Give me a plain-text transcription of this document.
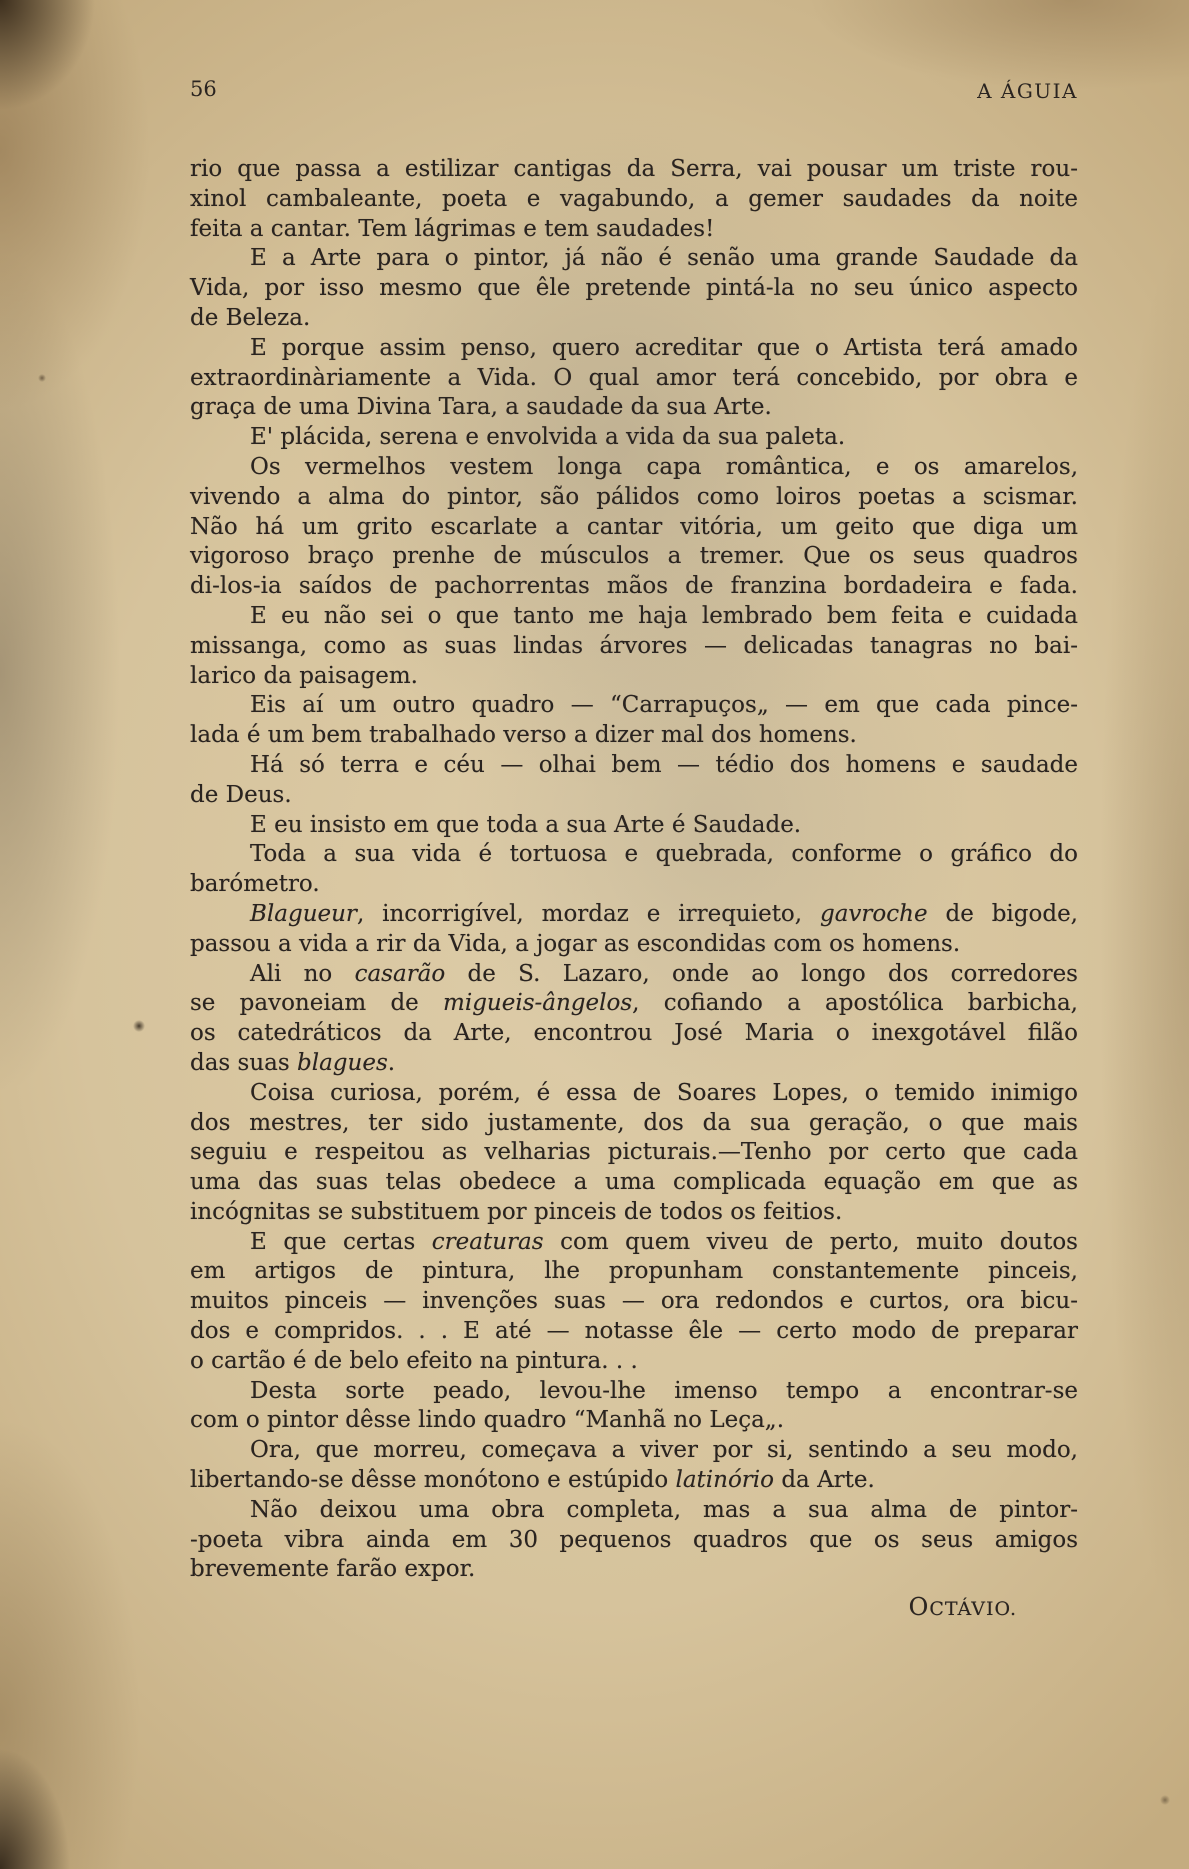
56	A ÁGUIA
rio que passa a estilizar cantigas da Serra, vai pousar um triste rou-
xinol cambaleante, poeta e vagabundo, a gemer saudades da noite
feita a cantar. Tem lágrimas e tem saudades!
E a Arte para o pintor, já não é senão uma grande Saudade da
Vida, por isso mesmo que êle pretende pintá-la no seu único aspecto
de Beleza.
E porque assim penso, quero acreditar que o Artista terá amado
extraordinàriamente a Vida. O qual amor terá concebido, por obra e
graça de uma Divina Tara, a saudade da sua Arte.
E' plácida, serena e envolvida a vida da sua paleta.
Os vermelhos vestem longa capa romântica, e os amarelos,
vivendo a alma do pintor, são pálidos como loiros poetas a scismar.
Não há um grito escarlate a cantar vitória, um geito que diga um
vigoroso braço prenhe de músculos a tremer. Que os seus quadros
di-los-ia saídos de pachorrentas mãos de franzina bordadeira e fada.
E eu não sei o que tanto me haja lembrado bem feita e cuidada
missanga, como as suas lindas árvores — delicadas tanagras no bai-
larico da paisagem.
Eis aí um outro quadro — “Carrapuços„ — em que cada pince-
lada é um bem trabalhado verso a dizer mal dos homens.
Há só terra e céu — olhai bem — tédio dos homens e saudade
de Deus.
E eu insisto em que toda a sua Arte é Saudade.
Toda a sua vida é tortuosa e quebrada, conforme o gráfico do
barómetro.
Blagueur, incorrigível, mordaz e irrequieto, gavroche de bigode,
passou a vida a rir da Vida, a jogar as escondidas com os homens.
Ali no casarão de S. Lazaro, onde ao longo dos corredores
se pavoneiam de migueis-ângelos, cofiando a apostólica barbicha,
os catedráticos da Arte, encontrou José Maria o inexgotável filão
das suas blagues.
Coisa curiosa, porém, é essa de Soares Lopes, o temido inimigo
dos mestres, ter sido justamente, dos da sua geração, o que mais
seguiu e respeitou as velharias picturais.—Tenho por certo que cada
uma das suas telas obedece a uma complicada equação em que as
incógnitas se substituem por pinceis de todos os feitios.
E que certas creaturas com quem viveu de perto, muito doutos
em artigos de pintura, lhe propunham constantemente pinceis,
muitos pinceis — invenções suas — ora redondos e curtos, ora bicu-
dos e compridos. . . E até — notasse êle — certo modo de preparar
o cartão é de belo efeito na pintura. . .
Desta sorte peado, levou-lhe imenso tempo a encontrar-se
com o pintor dêsse lindo quadro “Manhã no Leça„.
Ora, que morreu, começava a viver por si, sentindo a seu modo,
libertando-se dêsse monótono e estúpido latinório da Arte.
Não deixou uma obra completa, mas a sua alma de pintor-
-poeta vibra ainda em 30 pequenos quadros que os seus amigos
brevemente farão expor.
OCTÁVIO.
